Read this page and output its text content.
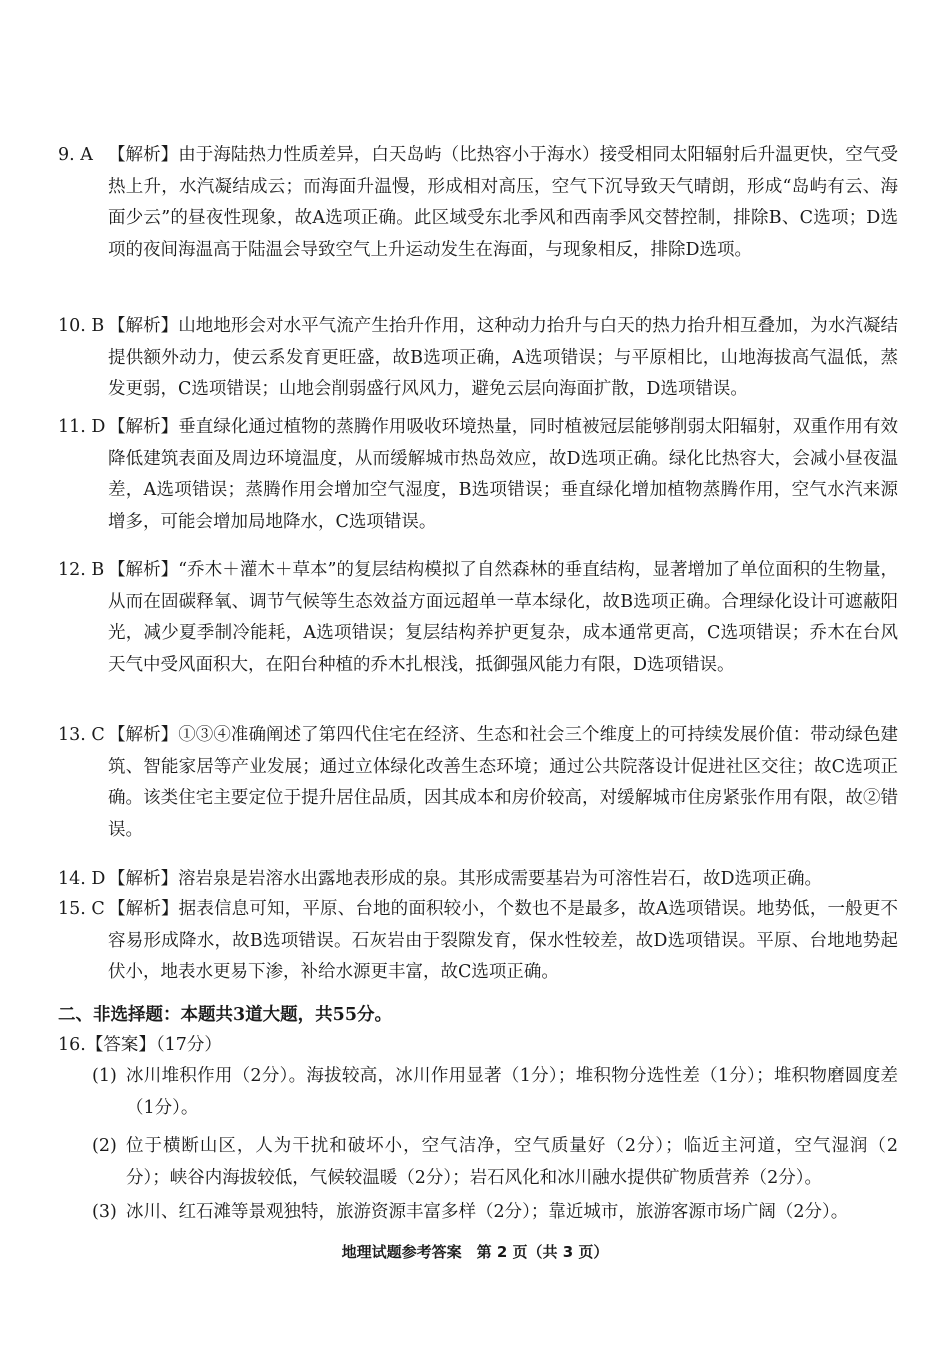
9. A 【解析】由于海陆热力性质差异，白天岛屿（比热容小于海水）接受相同太阳辐射后升温更快，空气受热上升，水汽凝结成云；而海面升温慢，形成相对高压，空气下沉导致天气晴朗，形成“岛屿有云、海面少云”的昼夜性现象，故A选项正确。此区域受东北季风和西南季风交替控制，排除B、C选项；D选项的夜间海温高于陆温会导致空气上升运动发生在海面，与现象相反，排除D选项。
10. B 【解析】山地地形会对水平气流产生抬升作用，这种动力抬升与白天的热力抬升相互叠加，为水汽凝结提供额外动力，使云系发育更旺盛，故B选项正确，A选项错误；与平原相比，山地海拔高气温低，蒸发更弱，C选项错误；山地会削弱盛行风风力，避免云层向海面扩散，D选项错误。
11. D 【解析】垂直绿化通过植物的蒸腾作用吸收环境热量，同时植被冠层能够削弱太阳辐射，双重作用有效降低建筑表面及周边环境温度，从而缓解城市热岛效应，故D选项正确。绿化比热容大，会减小昼夜温差，A选项错误；蒸腾作用会增加空气湿度，B选项错误；垂直绿化增加植物蒸腾作用，空气水汽来源增多，可能会增加局地降水，C选项错误。
12. B 【解析】“乔木＋灌木＋草本”的复层结构模拟了自然森林的垂直结构，显著增加了单位面积的生物量，从而在固碳释氧、调节气候等生态效益方面远超单一草本绿化，故B选项正确。合理绿化设计可遮蔽阳光，减少夏季制冷能耗，A选项错误；复层结构养护更复杂，成本通常更高，C选项错误；乔木在台风天气中受风面积大，在阳台种植的乔木扎根浅，抵御强风能力有限，D选项错误。
13. C 【解析】①③④准确阐述了第四代住宅在经济、生态和社会三个维度上的可持续发展价值：带动绿色建筑、智能家居等产业发展；通过立体绿化改善生态环境；通过公共院落设计促进社区交往；故C选项正确。该类住宅主要定位于提升居住品质，因其成本和房价较高，对缓解城市住房紧张作用有限，故②错误。
14. D 【解析】溶岩泉是岩溶水出露地表形成的泉。其形成需要基岩为可溶性岩石，故D选项正确。
15. C 【解析】据表信息可知，平原、台地的面积较小，个数也不是最多，故A选项错误。地势低，一般更不容易形成降水，故B选项错误。石灰岩由于裂隙发育，保水性较差，故D选项错误。平原、台地地势起伏小，地表水更易下渗，补给水源更丰富，故C选项正确。
二、非选择题：本题共3道大题，共55分。
16.【答案】（17分）
(1) 冰川堆积作用（2分）。海拔较高，冰川作用显著（1分）；堆积物分选性差（1分）；堆积物磨圆度差（1分）。
(2) 位于横断山区，人为干扰和破坏小，空气洁净，空气质量好（2分）；临近主河道，空气湿润（2分）；峡谷内海拔较低，气候较温暖（2分）；岩石风化和冰川融水提供矿物质营养（2分）。
(3) 冰川、红石滩等景观独特，旅游资源丰富多样（2分）；靠近城市，旅游客源市场广阔（2分）。
地理试题参考答案　第 2 页（共 3 页）
